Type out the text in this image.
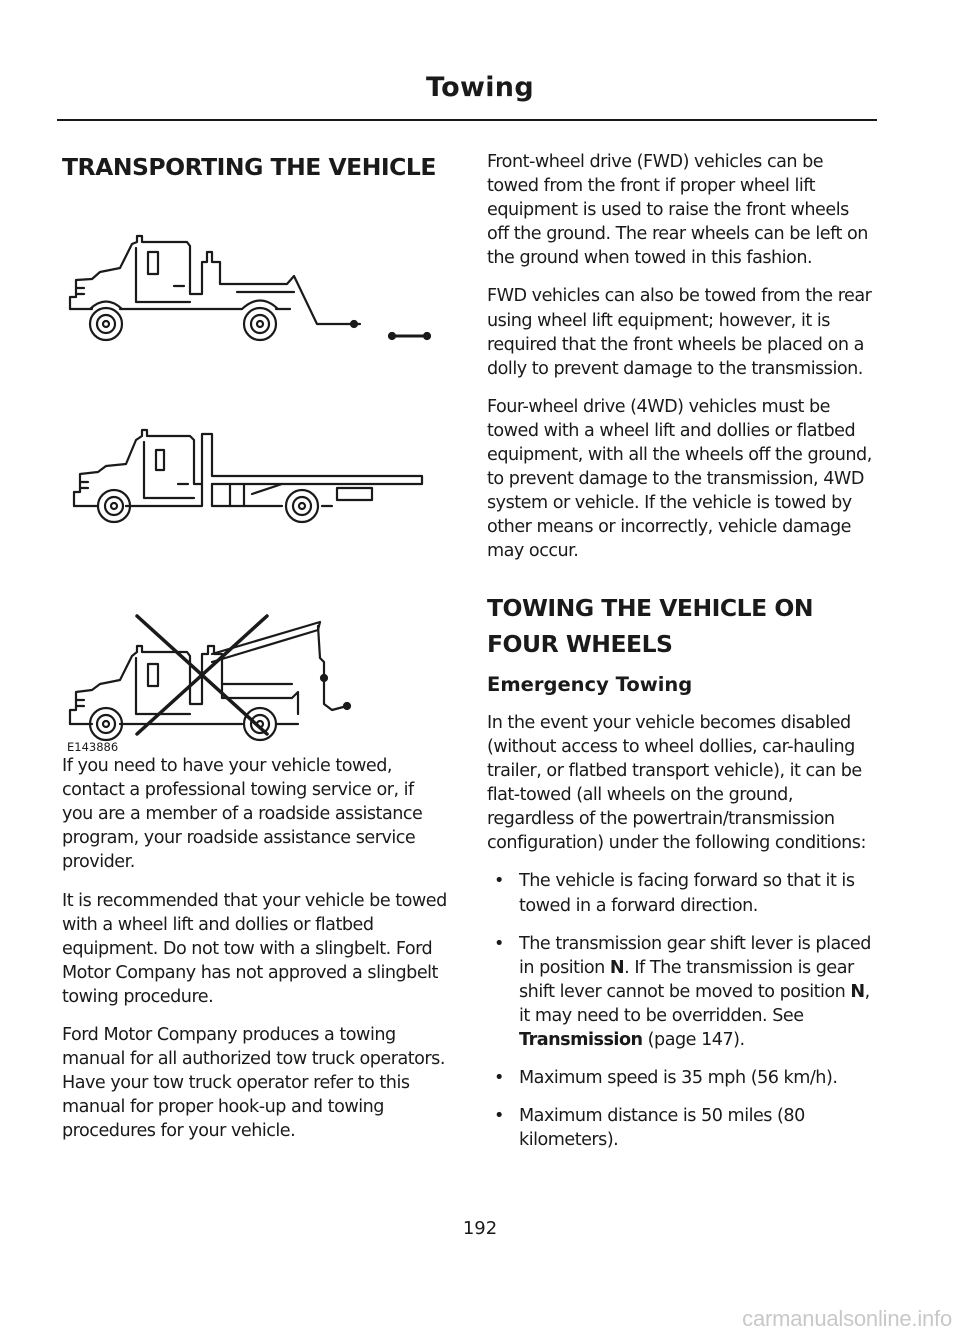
Towing
TRANSPORTING THE VEHICLE
E143886

If you need to have your vehicle towed, contact a professional towing service or, if you are a member of a roadside assistance program, your roadside assistance service provider.

It is recommended that your vehicle be towed with a wheel lift and dollies or flatbed equipment. Do not tow with a slingbelt. Ford Motor Company has not approved a slingbelt towing procedure.

Ford Motor Company produces a towing manual for all authorized tow truck operators. Have your tow truck operator refer to this manual for proper hook-up and towing procedures for your vehicle.

Front-wheel drive (FWD) vehicles can be towed from the front if proper wheel lift equipment is used to raise the front wheels off the ground. The rear wheels can be left on the ground when towed in this fashion.

FWD vehicles can also be towed from the rear using wheel lift equipment; however, it is required that the front wheels be placed on a dolly to prevent damage to the transmission.

Four-wheel drive (4WD) vehicles must be towed with a wheel lift and dollies or flatbed equipment, with all the wheels off the ground, to prevent damage to the transmission, 4WD system or vehicle. If the vehicle is towed by other means or incorrectly, vehicle damage may occur.

TOWING THE VEHICLE ON
FOUR WHEELS
Emergency Towing

In the event your vehicle becomes disabled (without access to wheel dollies, car-hauling trailer, or flatbed transport vehicle), it can be flat-towed (all wheels on the ground, regardless of the powertrain/transmission configuration) under the following conditions:

• The vehicle is facing forward so that it is towed in a forward direction.
• The transmission gear shift lever is placed in position N. If The transmission is gear shift lever cannot be moved to position N, it may need to be overridden. See Transmission (page 147).
• Maximum speed is 35 mph (56 km/h).
• Maximum distance is 50 miles (80 kilometers).
192
carmanualsonline.info
